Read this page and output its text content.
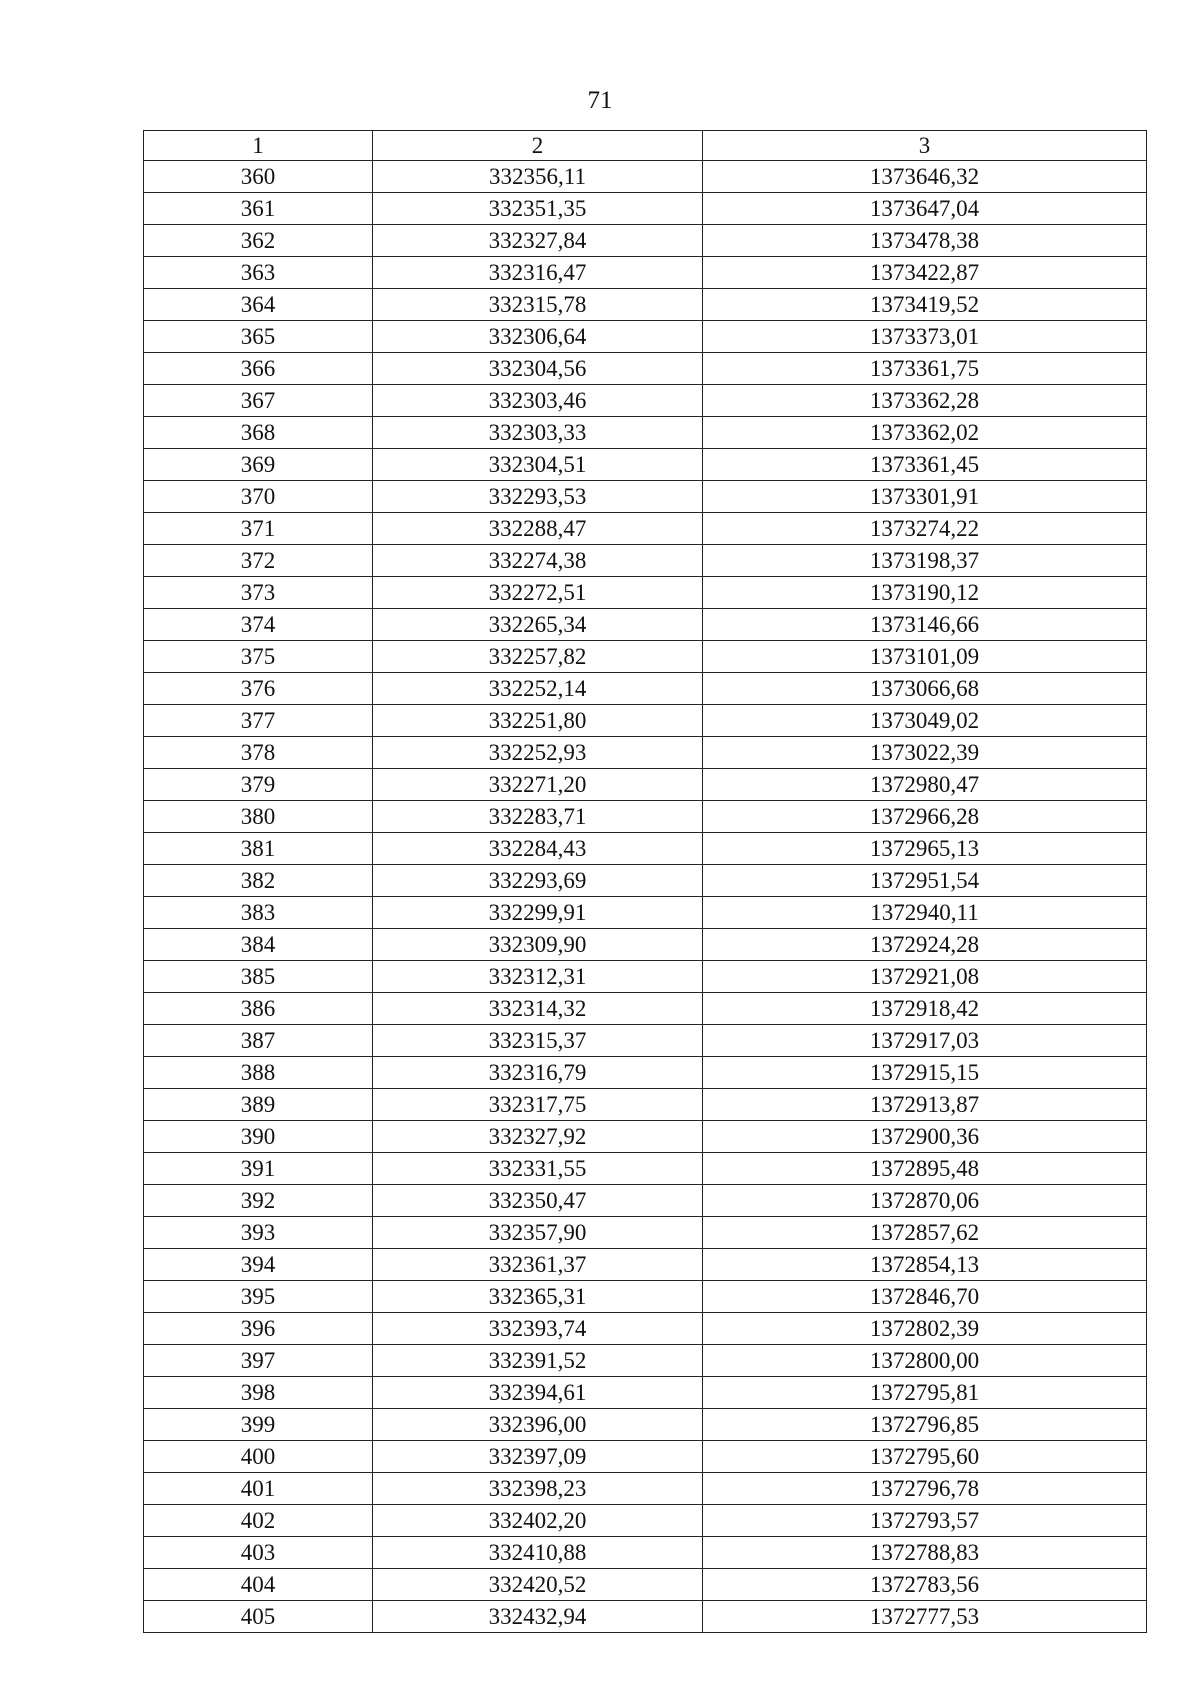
71
1	2	3
360	332356,11	1373646,32
361	332351,35	1373647,04
362	332327,84	1373478,38
363	332316,47	1373422,87
364	332315,78	1373419,52
365	332306,64	1373373,01
366	332304,56	1373361,75
367	332303,46	1373362,28
368	332303,33	1373362,02
369	332304,51	1373361,45
370	332293,53	1373301,91
371	332288,47	1373274,22
372	332274,38	1373198,37
373	332272,51	1373190,12
374	332265,34	1373146,66
375	332257,82	1373101,09
376	332252,14	1373066,68
377	332251,80	1373049,02
378	332252,93	1373022,39
379	332271,20	1372980,47
380	332283,71	1372966,28
381	332284,43	1372965,13
382	332293,69	1372951,54
383	332299,91	1372940,11
384	332309,90	1372924,28
385	332312,31	1372921,08
386	332314,32	1372918,42
387	332315,37	1372917,03
388	332316,79	1372915,15
389	332317,75	1372913,87
390	332327,92	1372900,36
391	332331,55	1372895,48
392	332350,47	1372870,06
393	332357,90	1372857,62
394	332361,37	1372854,13
395	332365,31	1372846,70
396	332393,74	1372802,39
397	332391,52	1372800,00
398	332394,61	1372795,81
399	332396,00	1372796,85
400	332397,09	1372795,60
401	332398,23	1372796,78
402	332402,20	1372793,57
403	332410,88	1372788,83
404	332420,52	1372783,56
405	332432,94	1372777,53
